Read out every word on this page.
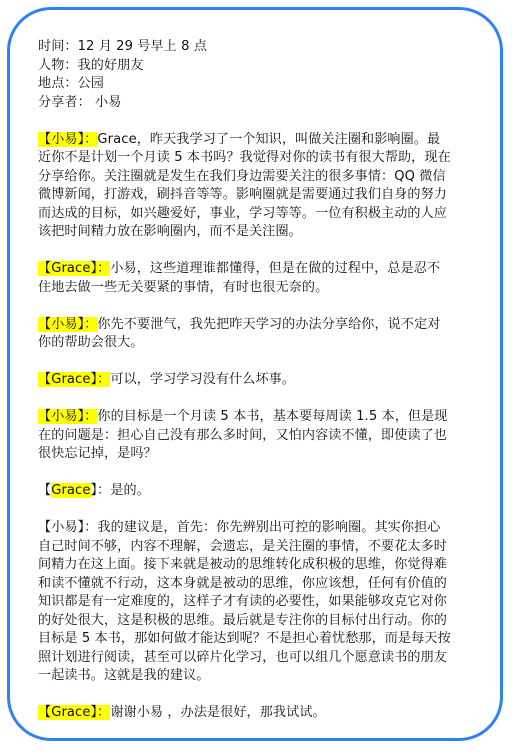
时间：12 月 29 号早上 8 点

人物：我的好朋友

地点：公园

分享者： 小易

【小易】：Grace，昨天我学习了一个知识，叫做关注圈和影响圈。最

近你不是计划一个月读 5 本书吗？我觉得对你的读书有很大帮助，现在

分享给你。关注圈就是发生在我们身边需要关注的很多事情：QQ 微信

微博新闻，打游戏，刷抖音等等。影响圈就是需要通过我们自身的努力

而达成的目标，如兴趣爱好，事业，学习等等。一位有积极主动的人应

该把时间精力放在影响圈内，而不是关注圈。

【Grace】：小易，这些道理谁都懂得，但是在做的过程中，总是忍不

住地去做一些无关要紧的事情，有时也很无奈的。

【小易】：你先不要泄气，我先把昨天学习的办法分享给你，说不定对

你的帮助会很大。

【Grace】：可以，学习学习没有什么坏事。

【小易】：你的目标是一个月读 5 本书，基本要每周读 1.5 本，但是现

在的问题是：担心自己没有那么多时间，又怕内容读不懂，即使读了也

很快忘记掉，是吗？

【Grace】：是的。

【小易】：我的建议是，首先：你先辨别出可控的影响圈。其实你担心

自己时间不够，内容不理解，会遗忘，是关注圈的事情，不要花太多时

间精力在这上面。接下来就是被动的思维转化成积极的思维，你觉得难

和读不懂就不行动，这本身就是被动的思维，你应该想，任何有价值的

知识都是有一定难度的，这样子才有读的必要性，如果能够攻克它对你

的好处很大，这是积极的思维。最后就是专注你的目标付出行动。你的

目标是 5 本书，那如何做才能达到呢？不是担心着忧愁那，而是每天按

照计划进行阅读，甚至可以碎片化学习，也可以组几个愿意读书的朋友

一起读书。这就是我的建议。

【Grace】：谢谢小易 ，办法是很好，那我试试。
